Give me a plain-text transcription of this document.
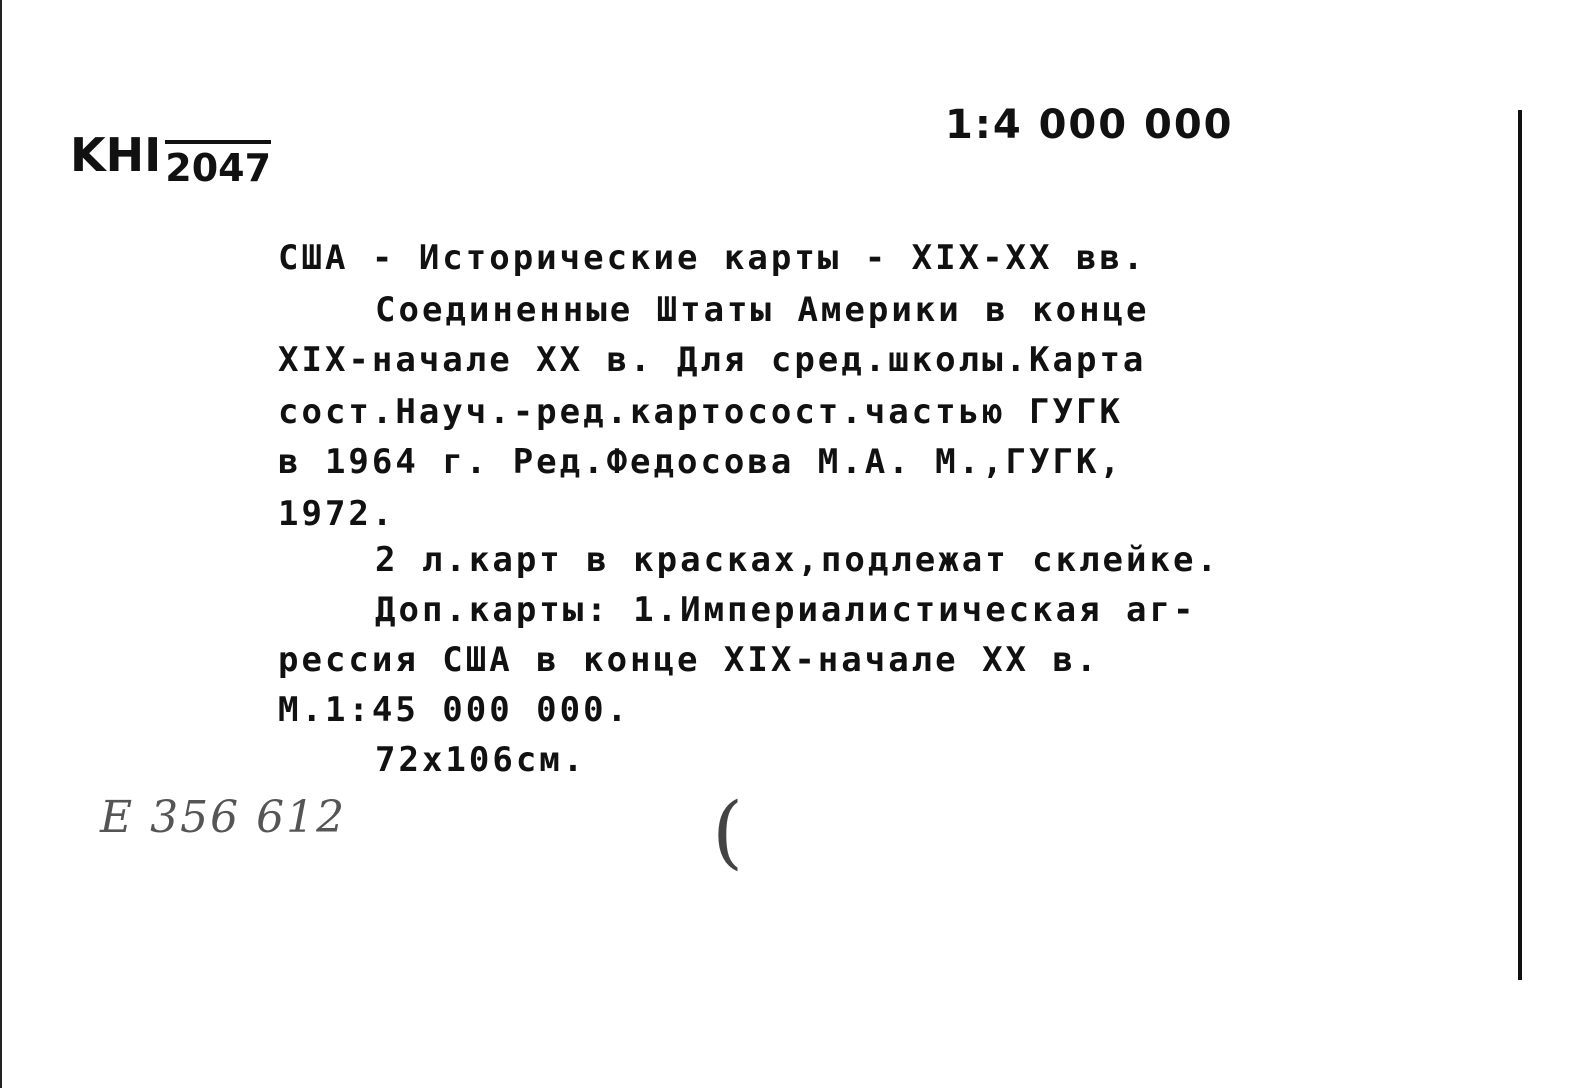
1:4 000 000
KHI 2047
США - Исторические карты - XIX-XX вв.
Соединенные Штаты Америки в конце
XIX-начале XX в. Для сред.школы.Карта
сост.Науч.-ред.картосост.частью ГУГК
в 1964 г. Ред.Федосова М.А. М.,ГУГК,
1972.
2 л.карт в красках,подлежат склейке.
Доп.карты: 1.Империалистическая аг-
рессия США в конце XIX-начале XX в.
М.1:45 000 000.
72x106см.
Е 356 612	(
